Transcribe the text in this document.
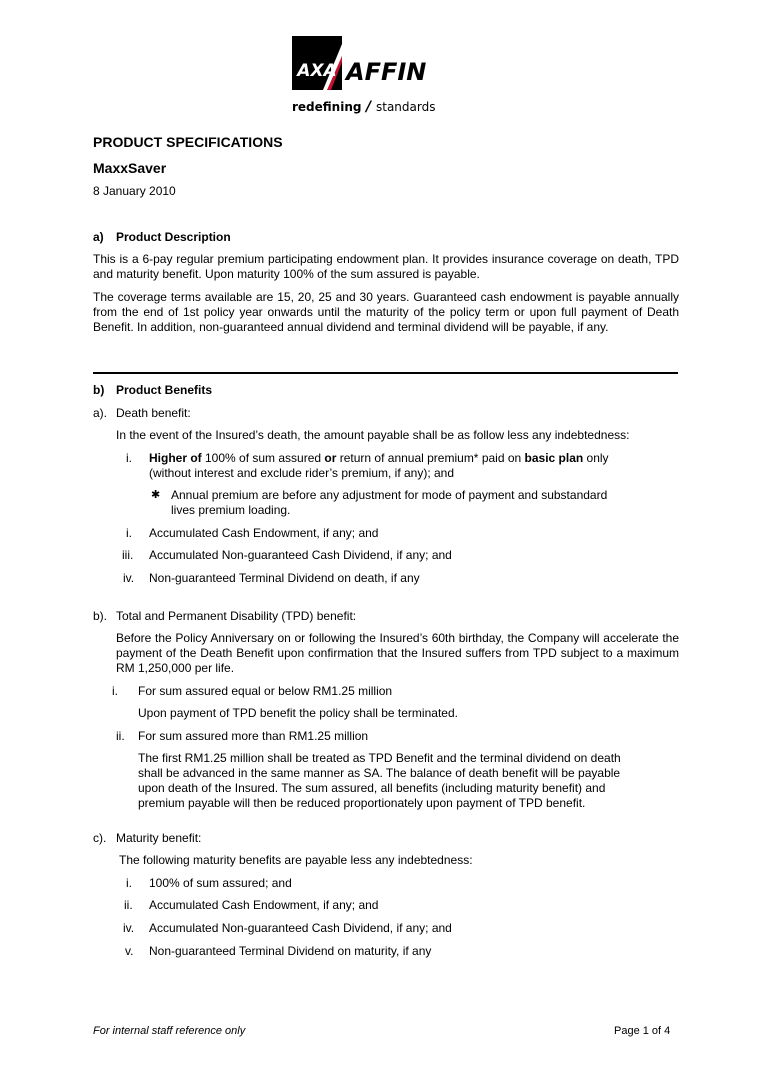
AXA AFFIN
redefining / standards
PRODUCT SPECIFICATIONS
MaxxSaver
8 January 2010
a) Product Description
This is a 6-pay regular premium participating endowment plan. It provides insurance coverage on death, TPD and maturity benefit. Upon maturity 100% of the sum assured is payable.
The coverage terms available are 15, 20, 25 and 30 years. Guaranteed cash endowment is payable annually from the end of 1st policy year onwards until the maturity of the policy term or upon full payment of Death Benefit. In addition, non-guaranteed annual dividend and terminal dividend will be payable, if any.
b) Product Benefits
a). Death benefit:
In the event of the Insured’s death, the amount payable shall be as follow less any indebtedness:
i. Higher of 100% of sum assured or return of annual premium* paid on basic plan only
(without interest and exclude rider’s premium, if any); and
✱ Annual premium are before any adjustment for mode of payment and substandard
lives premium loading.
i. Accumulated Cash Endowment, if any; and
iii. Accumulated Non-guaranteed Cash Dividend, if any; and
iv. Non-guaranteed Terminal Dividend on death, if any
b). Total and Permanent Disability (TPD) benefit:
Before the Policy Anniversary on or following the Insured’s 60th birthday, the Company will accelerate the payment of the Death Benefit upon confirmation that the Insured suffers from TPD subject to a maximum RM 1,250,000 per life.
i. For sum assured equal or below RM1.25 million
Upon payment of TPD benefit the policy shall be terminated.
ii. For sum assured more than RM1.25 million
The first RM1.25 million shall be treated as TPD Benefit and the terminal dividend on death
shall be advanced in the same manner as SA. The balance of death benefit will be payable
upon death of the Insured. The sum assured, all benefits (including maturity benefit) and
premium payable will then be reduced proportionately upon payment of TPD benefit.
c). Maturity benefit:
The following maturity benefits are payable less any indebtedness:
i. 100% of sum assured; and
ii. Accumulated Cash Endowment, if any; and
iv. Accumulated Non-guaranteed Cash Dividend, if any; and
v. Non-guaranteed Terminal Dividend on maturity, if any
For internal staff reference only	Page 1 of 4
